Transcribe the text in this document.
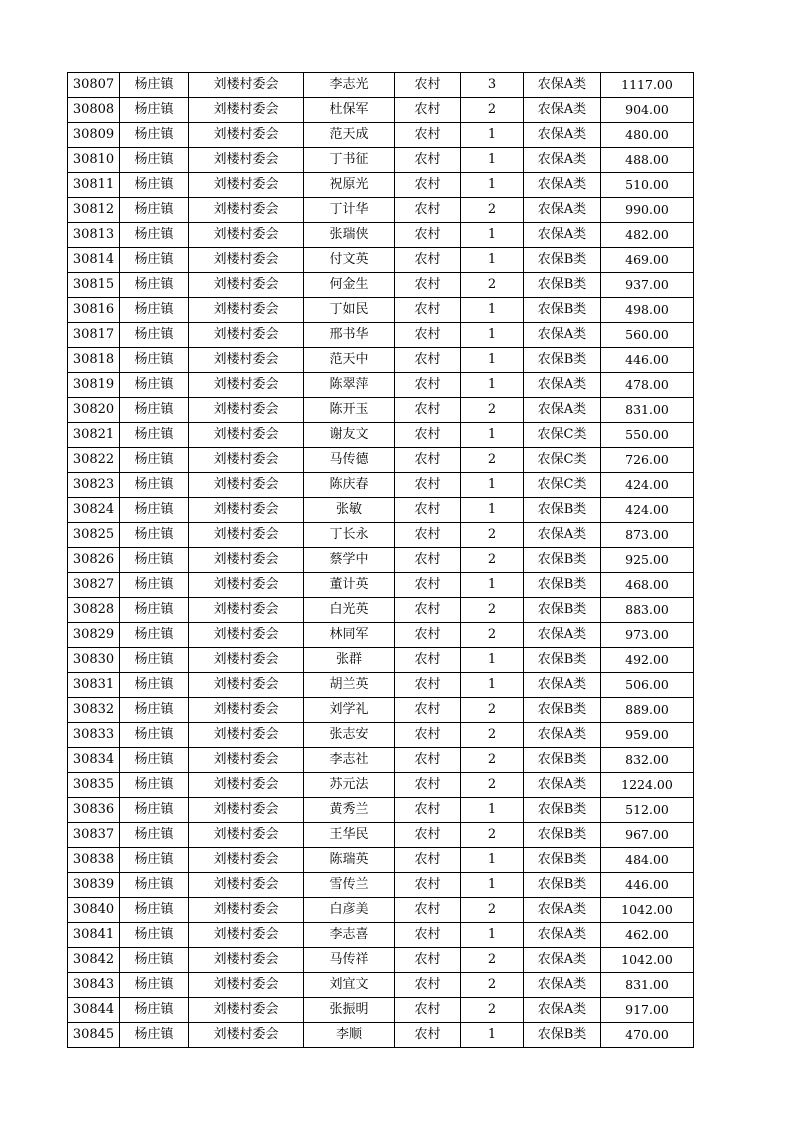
30807	杨庄镇	刘楼村委会	李志光	农村	3	农保A类	1117.00
30808	杨庄镇	刘楼村委会	杜保军	农村	2	农保A类	904.00
30809	杨庄镇	刘楼村委会	范天成	农村	1	农保A类	480.00
30810	杨庄镇	刘楼村委会	丁书征	农村	1	农保A类	488.00
30811	杨庄镇	刘楼村委会	祝原光	农村	1	农保A类	510.00
30812	杨庄镇	刘楼村委会	丁计华	农村	2	农保A类	990.00
30813	杨庄镇	刘楼村委会	张瑞侠	农村	1	农保A类	482.00
30814	杨庄镇	刘楼村委会	付文英	农村	1	农保B类	469.00
30815	杨庄镇	刘楼村委会	何金生	农村	2	农保B类	937.00
30816	杨庄镇	刘楼村委会	丁如民	农村	1	农保B类	498.00
30817	杨庄镇	刘楼村委会	邢书华	农村	1	农保A类	560.00
30818	杨庄镇	刘楼村委会	范天中	农村	1	农保B类	446.00
30819	杨庄镇	刘楼村委会	陈翠萍	农村	1	农保A类	478.00
30820	杨庄镇	刘楼村委会	陈开玉	农村	2	农保A类	831.00
30821	杨庄镇	刘楼村委会	谢友文	农村	1	农保C类	550.00
30822	杨庄镇	刘楼村委会	马传德	农村	2	农保C类	726.00
30823	杨庄镇	刘楼村委会	陈庆春	农村	1	农保C类	424.00
30824	杨庄镇	刘楼村委会	张敏	农村	1	农保B类	424.00
30825	杨庄镇	刘楼村委会	丁长永	农村	2	农保A类	873.00
30826	杨庄镇	刘楼村委会	蔡学中	农村	2	农保B类	925.00
30827	杨庄镇	刘楼村委会	董计英	农村	1	农保B类	468.00
30828	杨庄镇	刘楼村委会	白光英	农村	2	农保B类	883.00
30829	杨庄镇	刘楼村委会	林同军	农村	2	农保A类	973.00
30830	杨庄镇	刘楼村委会	张群	农村	1	农保B类	492.00
30831	杨庄镇	刘楼村委会	胡兰英	农村	1	农保A类	506.00
30832	杨庄镇	刘楼村委会	刘学礼	农村	2	农保B类	889.00
30833	杨庄镇	刘楼村委会	张志安	农村	2	农保A类	959.00
30834	杨庄镇	刘楼村委会	李志社	农村	2	农保B类	832.00
30835	杨庄镇	刘楼村委会	苏元法	农村	2	农保A类	1224.00
30836	杨庄镇	刘楼村委会	黄秀兰	农村	1	农保B类	512.00
30837	杨庄镇	刘楼村委会	王华民	农村	2	农保B类	967.00
30838	杨庄镇	刘楼村委会	陈瑞英	农村	1	农保B类	484.00
30839	杨庄镇	刘楼村委会	雪传兰	农村	1	农保B类	446.00
30840	杨庄镇	刘楼村委会	白彦美	农村	2	农保A类	1042.00
30841	杨庄镇	刘楼村委会	李志喜	农村	1	农保A类	462.00
30842	杨庄镇	刘楼村委会	马传祥	农村	2	农保A类	1042.00
30843	杨庄镇	刘楼村委会	刘宜文	农村	2	农保A类	831.00
30844	杨庄镇	刘楼村委会	张振明	农村	2	农保A类	917.00
30845	杨庄镇	刘楼村委会	李顺	农村	1	农保B类	470.00
